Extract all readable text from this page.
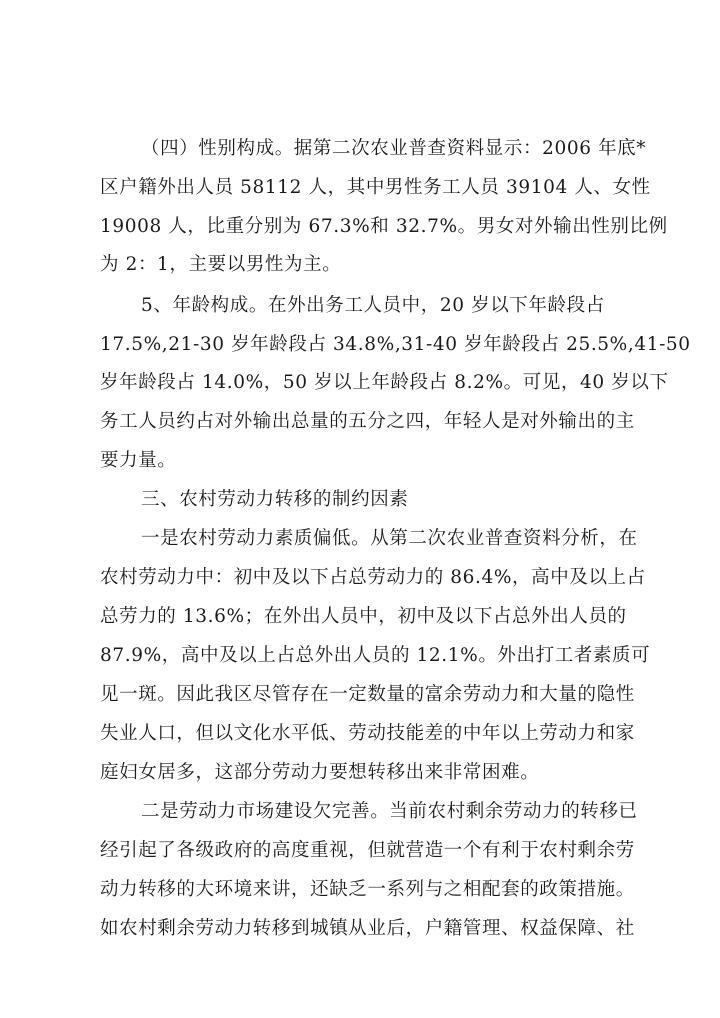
（四）性别构成。据第二次农业普查资料显示：2006 年底*
区户籍外出人员 58112 人，其中男性务工人员 39104 人、女性
19008 人，比重分别为 67.3%和 32.7%。男女对外输出性别比例
为 2：1，主要以男性为主。
5、年龄构成。在外出务工人员中，20 岁以下年龄段占
17.5%,21-30 岁年龄段占 34.8%,31-40 岁年龄段占 25.5%,41-50
岁年龄段占 14.0%，50 岁以上年龄段占 8.2%。可见，40 岁以下
务工人员约占对外输出总量的五分之四，年轻人是对外输出的主
要力量。
三、农村劳动力转移的制约因素
一是农村劳动力素质偏低。从第二次农业普查资料分析，在
农村劳动力中：初中及以下占总劳动力的 86.4%，高中及以上占
总劳力的 13.6%；在外出人员中，初中及以下占总外出人员的
87.9%，高中及以上占总外出人员的 12.1%。外出打工者素质可
见一斑。因此我区尽管存在一定数量的富余劳动力和大量的隐性
失业人口，但以文化水平低、劳动技能差的中年以上劳动力和家
庭妇女居多，这部分劳动力要想转移出来非常困难。
二是劳动力市场建设欠完善。当前农村剩余劳动力的转移已
经引起了各级政府的高度重视，但就营造一个有利于农村剩余劳
动力转移的大环境来讲，还缺乏一系列与之相配套的政策措施。
如农村剩余劳动力转移到城镇从业后，户籍管理、权益保障、社
